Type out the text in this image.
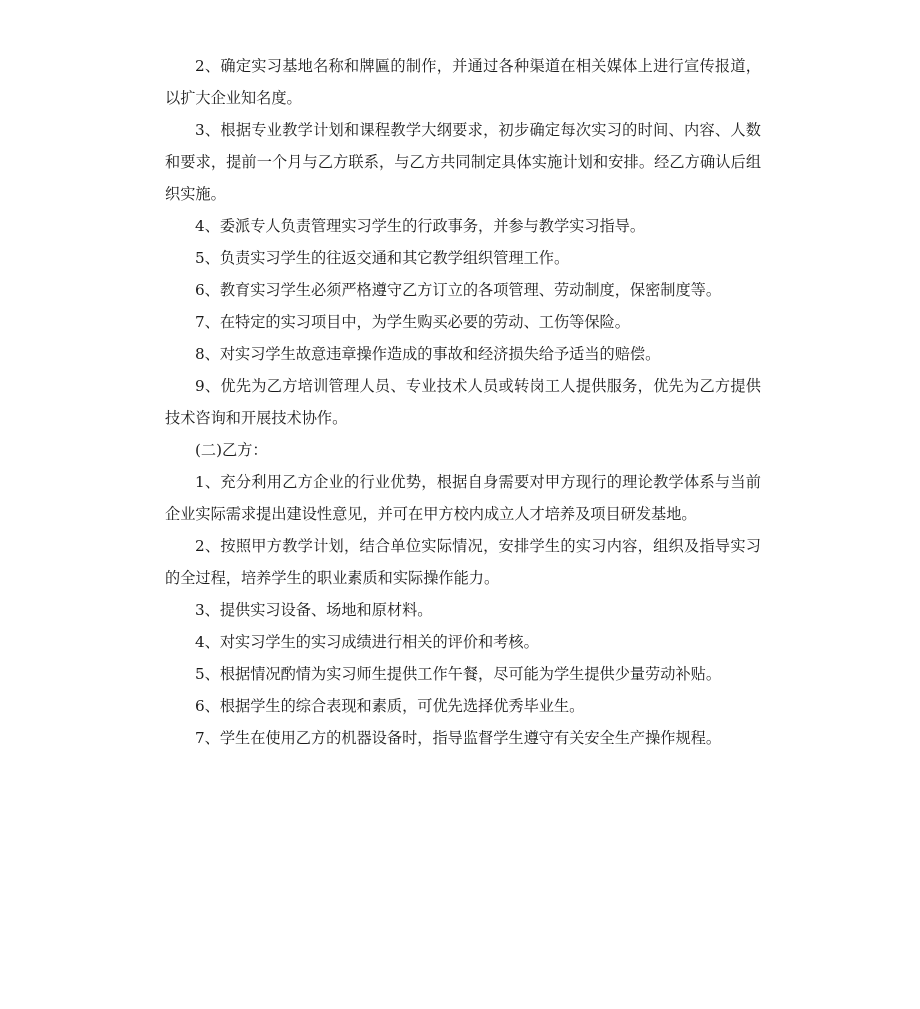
2、确定实习基地名称和牌匾的制作，并通过各种渠道在相关媒体上进行宣传报道，以扩大企业知名度。

3、根据专业教学计划和课程教学大纲要求，初步确定每次实习的时间、内容、人数和要求，提前一个月与乙方联系，与乙方共同制定具体实施计划和安排。经乙方确认后组织实施。

4、委派专人负责管理实习学生的行政事务，并参与教学实习指导。

5、负责实习学生的往返交通和其它教学组织管理工作。

6、教育实习学生必须严格遵守乙方订立的各项管理、劳动制度，保密制度等。

7、在特定的实习项目中，为学生购买必要的劳动、工伤等保险。

8、对实习学生故意违章操作造成的事故和经济损失给予适当的赔偿。

9、优先为乙方培训管理人员、专业技术人员或转岗工人提供服务，优先为乙方提供技术咨询和开展技术协作。

(二)乙方：

1、充分利用乙方企业的行业优势，根据自身需要对甲方现行的理论教学体系与当前企业实际需求提出建设性意见，并可在甲方校内成立人才培养及项目研发基地。

2、按照甲方教学计划，结合单位实际情况，安排学生的实习内容，组织及指导实习的全过程，培养学生的职业素质和实际操作能力。

3、提供实习设备、场地和原材料。

4、对实习学生的实习成绩进行相关的评价和考核。

5、根据情况酌情为实习师生提供工作午餐，尽可能为学生提供少量劳动补贴。

6、根据学生的综合表现和素质，可优先选择优秀毕业生。

7、学生在使用乙方的机器设备时，指导监督学生遵守有关安全生产操作规程。
